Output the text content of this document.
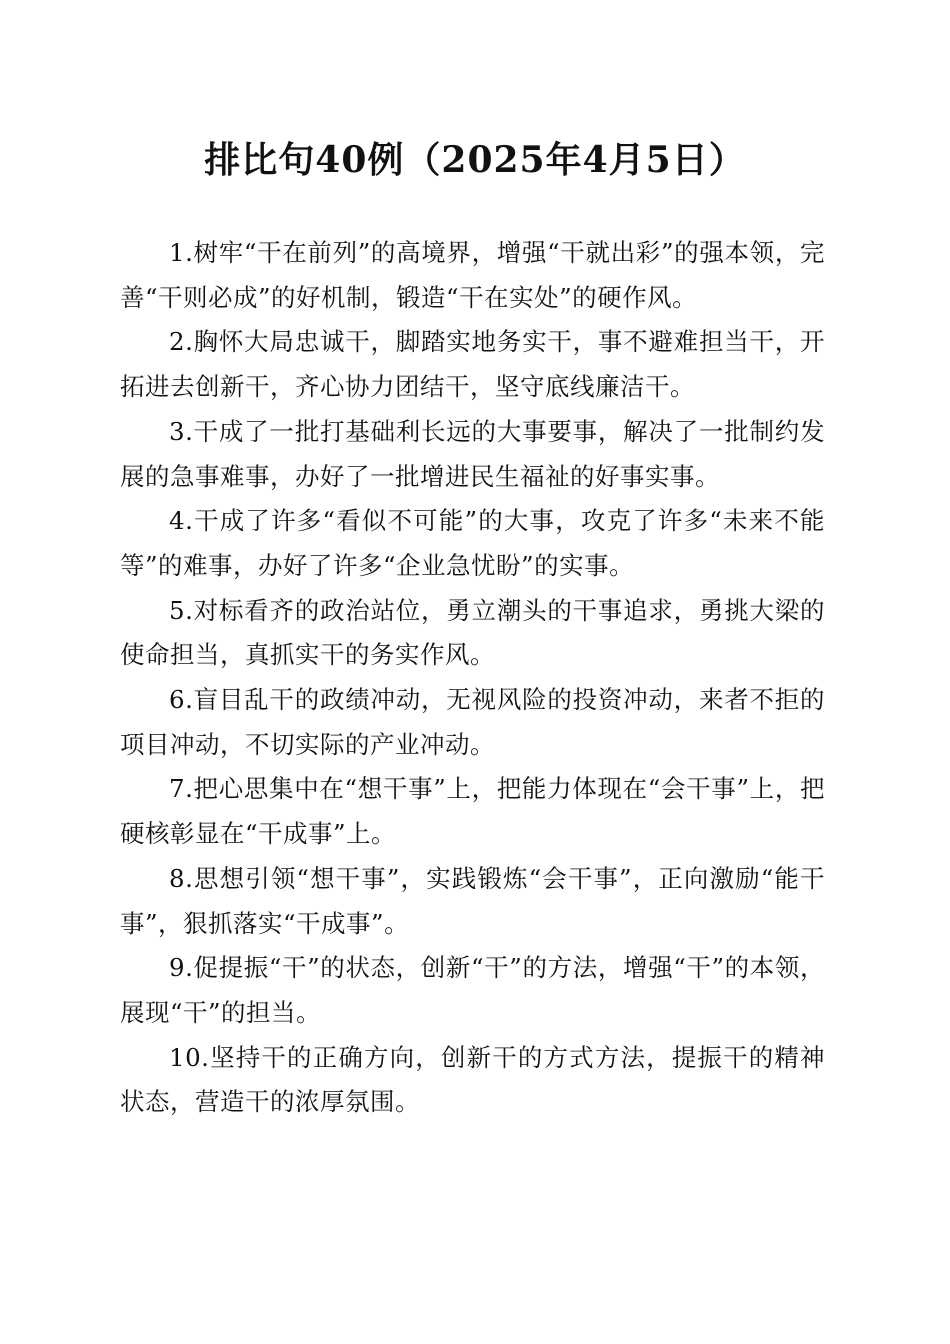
排比句40例（2025年4月5日）

1.树牢“干在前列”的高境界，增强“干就出彩”的强本领，完善“干则必成”的好机制，锻造“干在实处”的硬作风。

2.胸怀大局忠诚干，脚踏实地务实干，事不避难担当干，开拓进去创新干，齐心协力团结干，坚守底线廉洁干。

3.干成了一批打基础利长远的大事要事，解决了一批制约发展的急事难事，办好了一批增进民生福祉的好事实事。

4.干成了许多“看似不可能”的大事，攻克了许多“未来不能等”的难事，办好了许多“企业急忧盼”的实事。

5.对标看齐的政治站位，勇立潮头的干事追求，勇挑大梁的使命担当，真抓实干的务实作风。

6.盲目乱干的政绩冲动，无视风险的投资冲动，来者不拒的项目冲动，不切实际的产业冲动。

7.把心思集中在“想干事”上，把能力体现在“会干事”上，把硬核彰显在“干成事”上。

8.思想引领“想干事”，实践锻炼“会干事”，正向激励“能干事”，狠抓落实“干成事”。

9.促提振“干”的状态，创新“干”的方法，增强“干”的本领，展现“干”的担当。

10.坚持干的正确方向，创新干的方式方法，提振干的精神状态，营造干的浓厚氛围。
